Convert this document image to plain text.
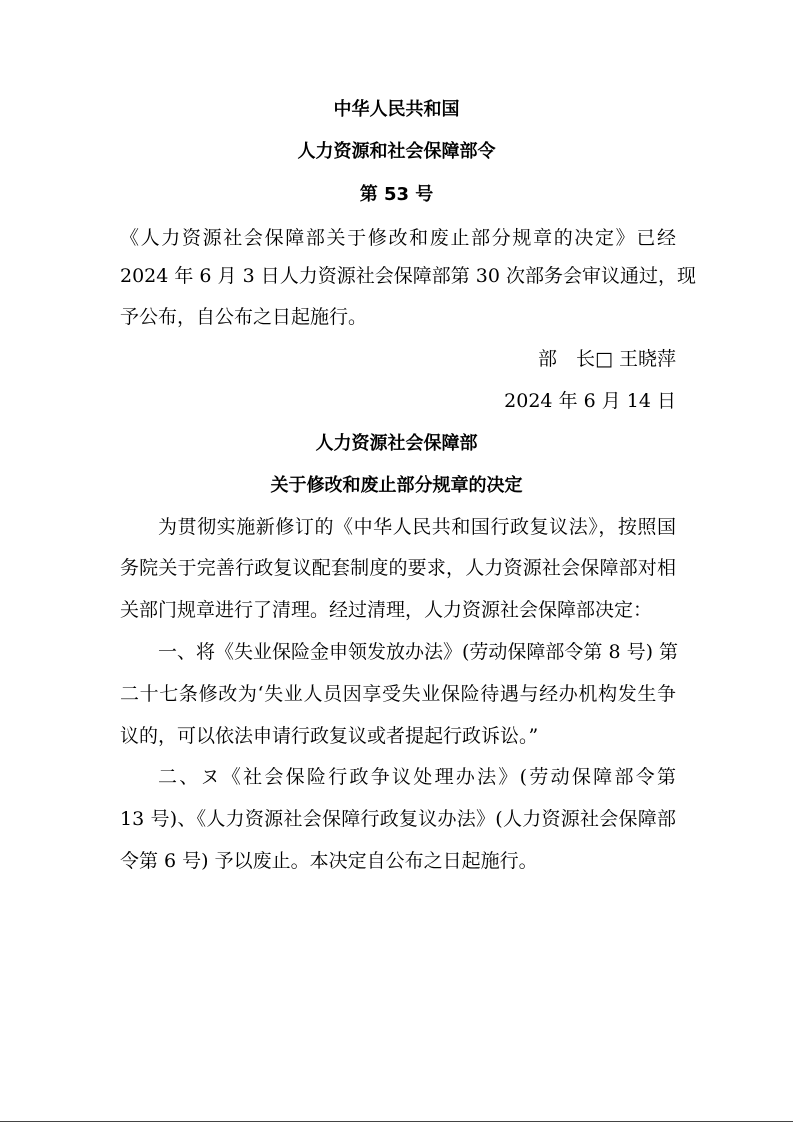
中华人民共和国
人力资源和社会保障部令
第 53 号
《人力资源社会保障部关于修改和废止部分规章的决定》已经
2024 年 6 月 3 日人力资源社会保障部第 30 次部务会审议通过，现
予公布，自公布之日起施行。
部　长□ 王晓萍
2024 年 6 月 14 日
人力资源社会保障部
关于修改和废止部分规章的决定
为贯彻实施新修订的《中华人民共和国行政复议法》，按照国
务院关于完善行政复议配套制度的要求，人力资源社会保障部对相
关部门规章进行了清理。经过清理，人力资源社会保障部决定：
一、将《失业保险金申领发放办法》(劳动保障部令第 8 号) 第
二十七条修改为‘失业人员因享受失业保险待遇与经办机构发生争
议的，可以依法申请行政复议或者提起行政诉讼。”
二、ヌ《社会保险行政争议处理办法》(劳动保障部令第
13 号)、《人力资源社会保障行政复议办法》(人力资源社会保障部
令第 6 号) 予以废止。本决定自公布之日起施行。
